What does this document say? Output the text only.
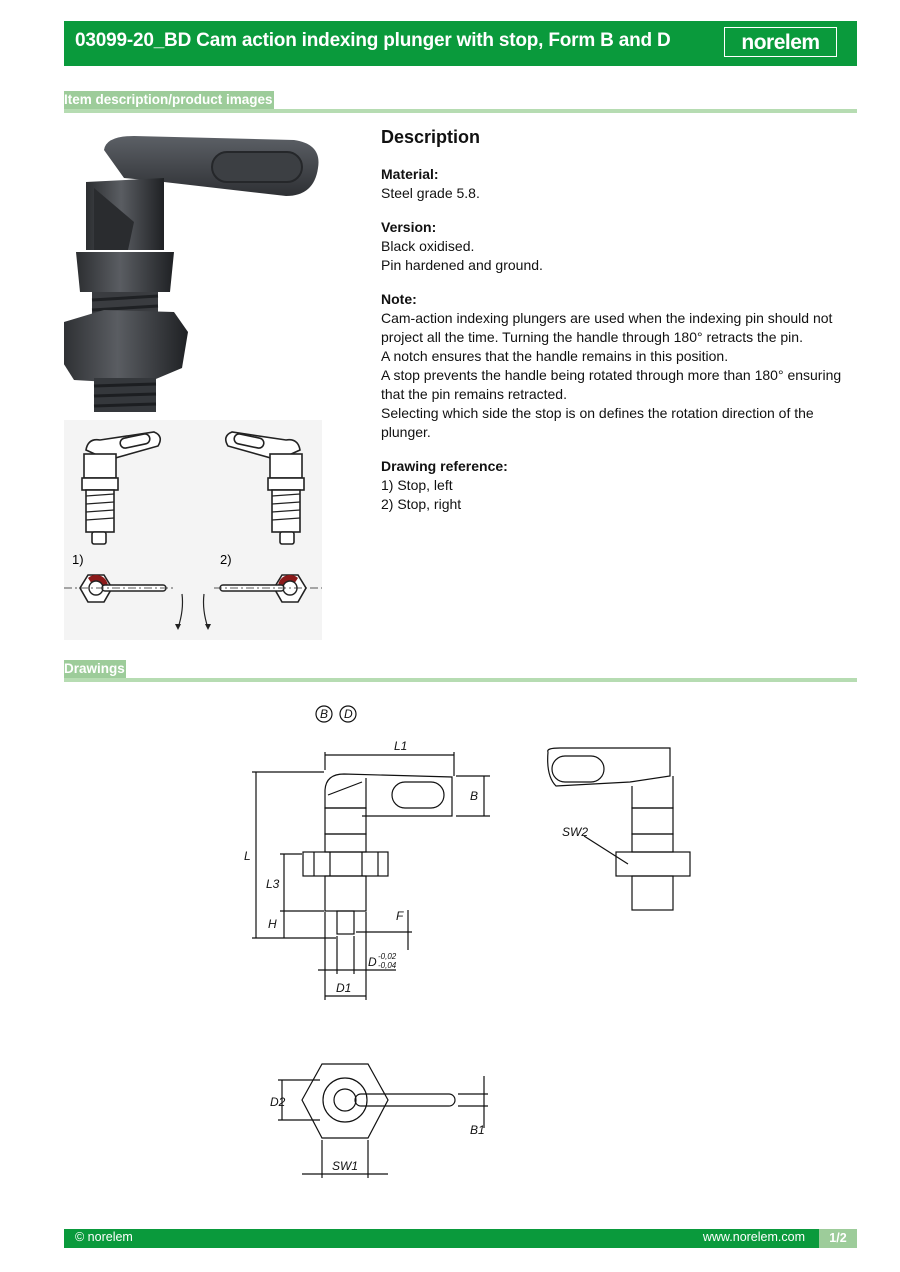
03099-20_BD Cam action indexing plunger with stop, Form B and D	norelem
Item description/product images
1)	2)
Description

Material:

Steel grade 5.8.

Version:

Black oxidised.

Pin hardened and ground.

Note:

Cam-action indexing plungers are used when the indexing pin should not project all the time. Turning the handle through 180° retracts the pin.

A notch ensures that the handle remains in this position.

A stop prevents the handle being rotated through more than 180° ensuring that the pin remains retracted.

Selecting which side the stop is on defines the rotation direction of the plunger.

Drawing reference:

1) Stop, left

2) Stop, right

Drawings
B D
L1
B
L
L3
H
F
D -0,02
-0,04
D1
SW2
D2
B1
SW1
© norelem	www.norelem.com	1/2
